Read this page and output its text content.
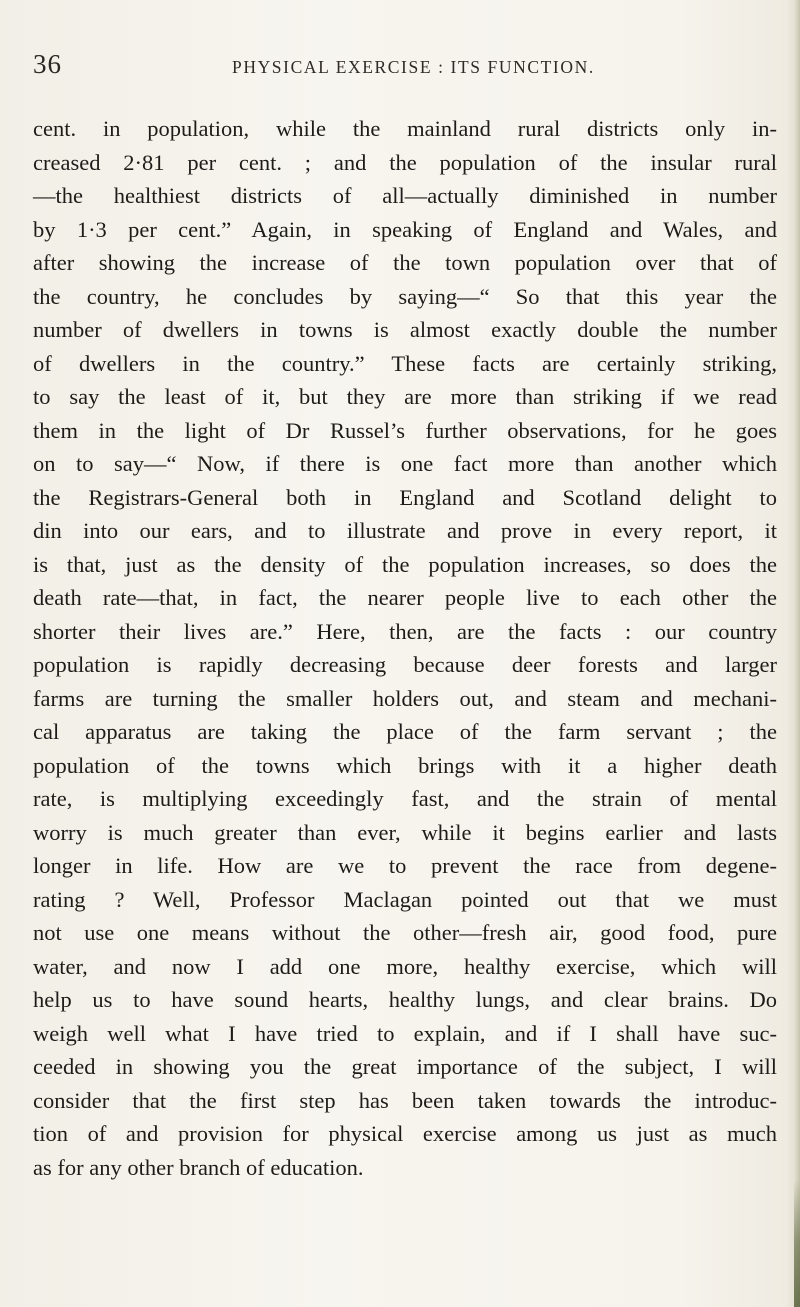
36	PHYSICAL EXERCISE : ITS FUNCTION.
cent. in population, while the mainland rural districts only in-
creased 2·81 per cent. ; and the population of the insular rural
—the healthiest districts of all—actually diminished in number
by 1·3 per cent.” Again, in speaking of England and Wales, and
after showing the increase of the town population over that of
the country, he concludes by saying—“ So that this year the
number of dwellers in towns is almost exactly double the number
of dwellers in the country.” These facts are certainly striking,
to say the least of it, but they are more than striking if we read
them in the light of Dr Russel’s further observations, for he goes
on to say—“ Now, if there is one fact more than another which
the Registrars-General both in England and Scotland delight to
din into our ears, and to illustrate and prove in every report, it
is that, just as the density of the population increases, so does the
death rate—that, in fact, the nearer people live to each other the
shorter their lives are.” Here, then, are the facts : our country
population is rapidly decreasing because deer forests and larger
farms are turning the smaller holders out, and steam and mechani-
cal apparatus are taking the place of the farm servant ; the
population of the towns which brings with it a higher death
rate, is multiplying exceedingly fast, and the strain of mental
worry is much greater than ever, while it begins earlier and lasts
longer in life. How are we to prevent the race from degene-
rating ? Well, Professor Maclagan pointed out that we must
not use one means without the other—fresh air, good food, pure
water, and now I add one more, healthy exercise, which will
help us to have sound hearts, healthy lungs, and clear brains. Do
weigh well what I have tried to explain, and if I shall have suc-
ceeded in showing you the great importance of the subject, I will
consider that the first step has been taken towards the introduc-
tion of and provision for physical exercise among us just as much
as for any other branch of education.
